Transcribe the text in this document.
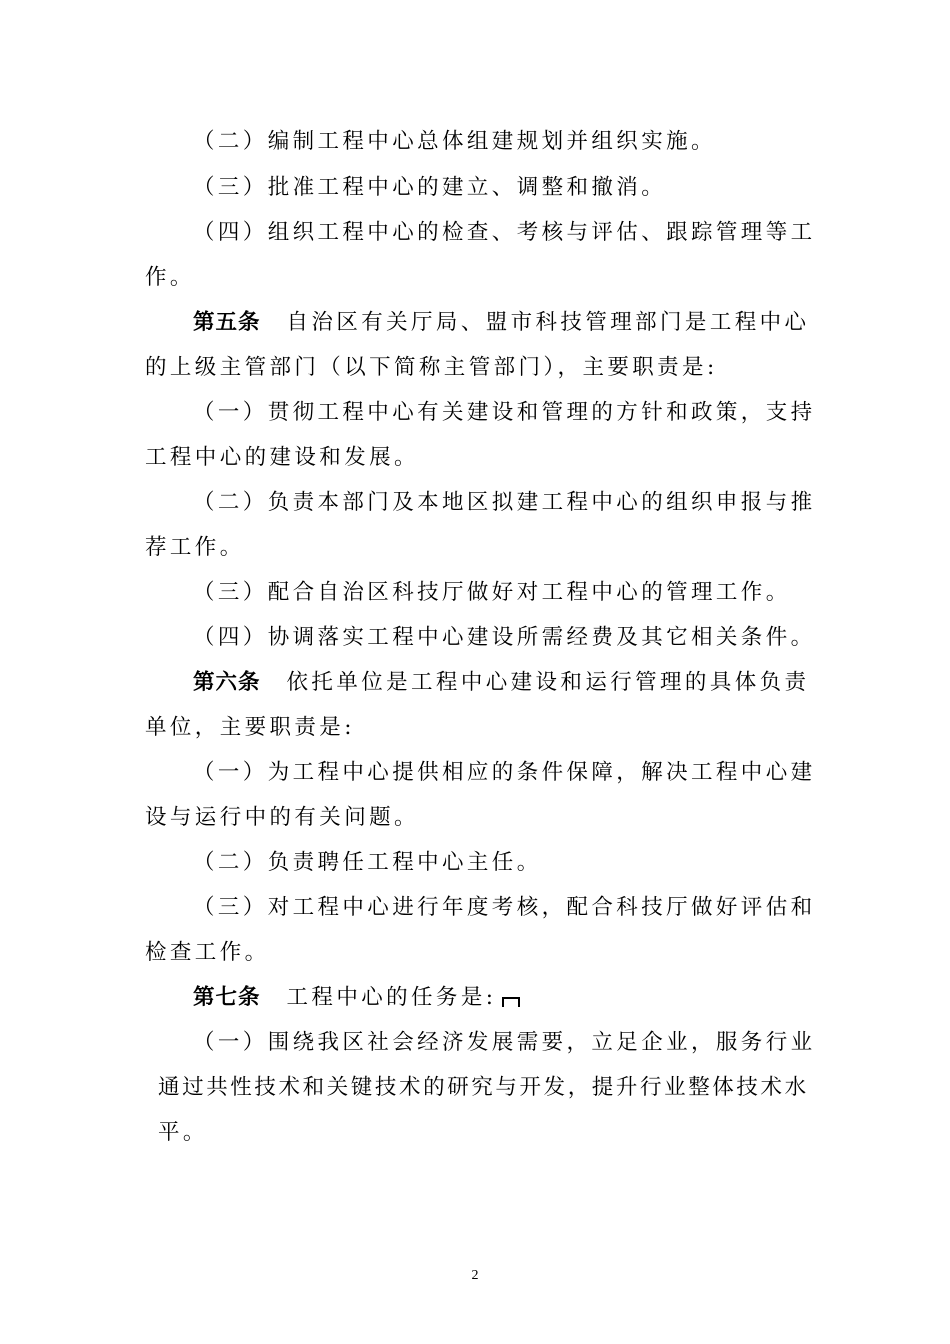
（二）编制工程中心总体组建规划并组织实施。
（三）批准工程中心的建立、调整和撤消。
（四）组织工程中心的检查、考核与评估、跟踪管理等工
作。
第五条 自治区有关厅局、盟市科技管理部门是工程中心
的上级主管部门（以下简称主管部门），主要职责是:
（一）贯彻工程中心有关建设和管理的方针和政策，支持
工程中心的建设和发展。
（二）负责本部门及本地区拟建工程中心的组织申报与推
荐工作。
（三）配合自治区科技厅做好对工程中心的管理工作。
（四）协调落实工程中心建设所需经费及其它相关条件。
第六条 依托单位是工程中心建设和运行管理的具体负责
单位，主要职责是:
（一）为工程中心提供相应的条件保障，解决工程中心建
设与运行中的有关问题。
（二）负责聘任工程中心主任。
（三）对工程中心进行年度考核，配合科技厅做好评估和
检查工作。
第七条 工程中心的任务是:
（一）围绕我区社会经济发展需要，立足企业，服务行业
通过共性技术和关键技术的研究与开发，提升行业整体技术水
平。
2
